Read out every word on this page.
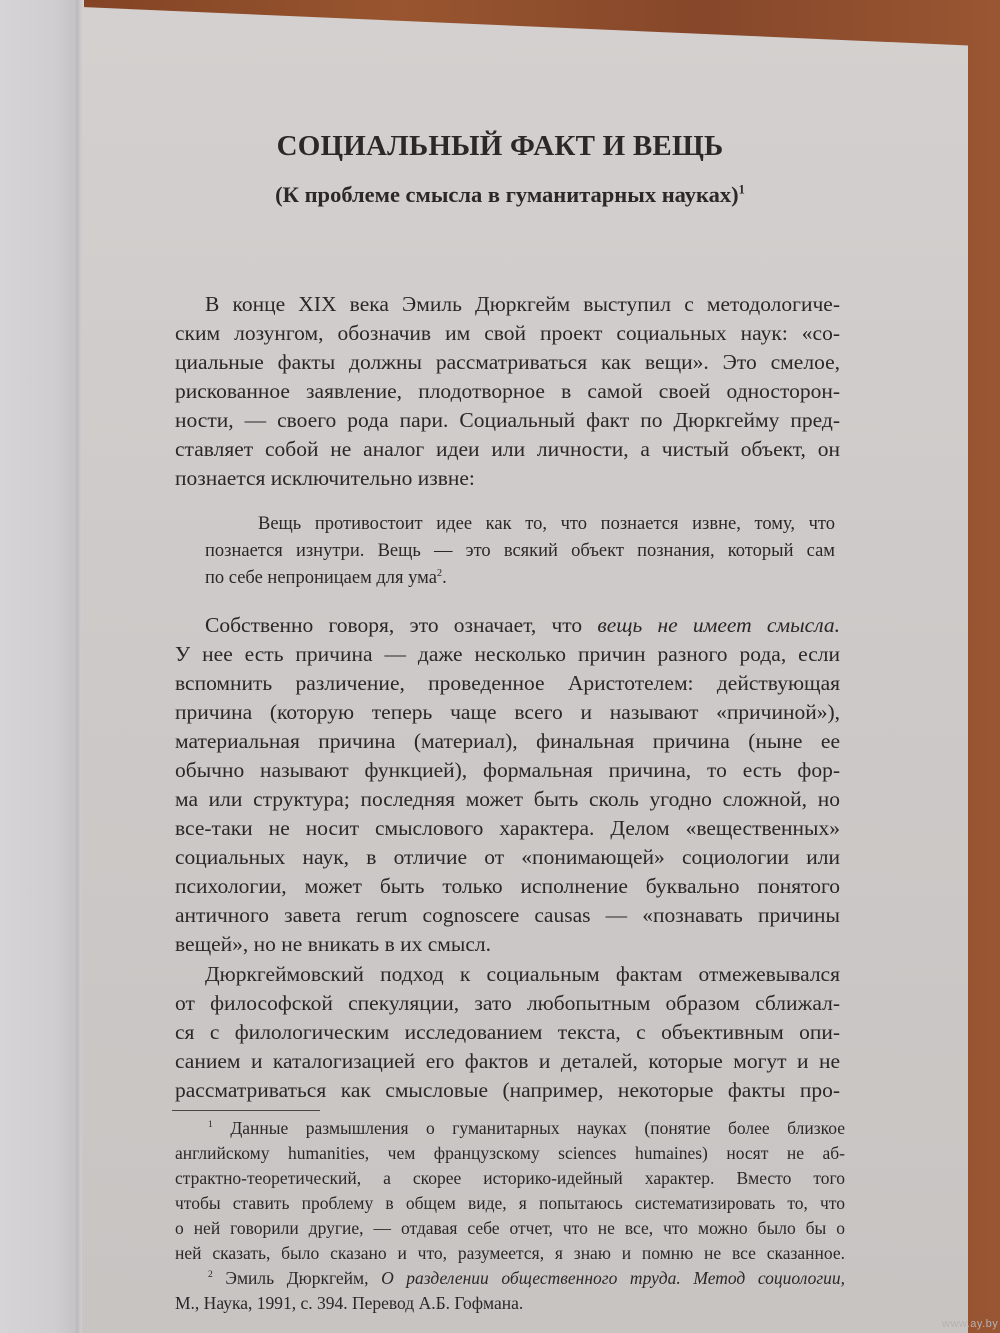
СОЦИАЛЬНЫЙ ФАКТ И ВЕЩЬ
(К проблеме смысла в гуманитарных науках)$^1$
В конце XIX века Эмиль Дюркгейм выступил с методологиче-
ским лозунгом, обозначив им свой проект социальных наук: «со-
циальные факты должны рассматриваться как вещи». Это смелое,
рискованное заявление, плодотворное в самой своей односторон-
ности, — своего рода пари. Социальный факт по Дюркгейму пред-
ставляет собой не аналог идеи или личности, а чистый объект, он
познается исключительно извне:
Вещь противостоит идее как то, что познается извне, тому, что
познается изнутри. Вещь — это всякий объект познания, который сам
по себе непроницаем для ума$^2$.
Собственно говоря, это означает, что вещь не имеет смысла.
У нее есть причина — даже несколько причин разного рода, если
вспомнить различение, проведенное Аристотелем: действующая
причина (которую теперь чаще всего и называют «причиной»),
материальная причина (материал), финальная причина (ныне ее
обычно называют функцией), формальная причина, то есть фор-
ма или структура; последняя может быть сколь угодно сложной, но
все-таки не носит смыслового характера. Делом «вещественных»
социальных наук, в отличие от «понимающей» социологии или
психологии, может быть только исполнение буквально понятого
античного завета rerum cognoscere causas — «познавать причины
вещей», но не вникать в их смысл.
Дюркгеймовский подход к социальным фактам отмежевывался
от философской спекуляции, зато любопытным образом сближал-
ся с филологическим исследованием текста, с объективным опи-
санием и каталогизацией его фактов и деталей, которые могут и не
рассматриваться как смысловые (например, некоторые факты про-
$^1$ Данные размышления о гуманитарных науках (понятие более близкое
английскому humanities, чем французскому sciences humaines) носят не аб-
страктно-теоретический, а скорее историко-идейный характер. Вместо того
чтобы ставить проблему в общем виде, я попытаюсь систематизировать то, что
о ней говорили другие, — отдавая себе отчет, что не все, что можно было бы о
ней сказать, было сказано и что, разумеется, я знаю и помню не все сказанное.
$^2$ Эмиль Дюркгейм, О разделении общественного труда. Метод социологии,
М., Наука, 1991, с. 394. Перевод А.Б. Гофмана.
www.ay.by
